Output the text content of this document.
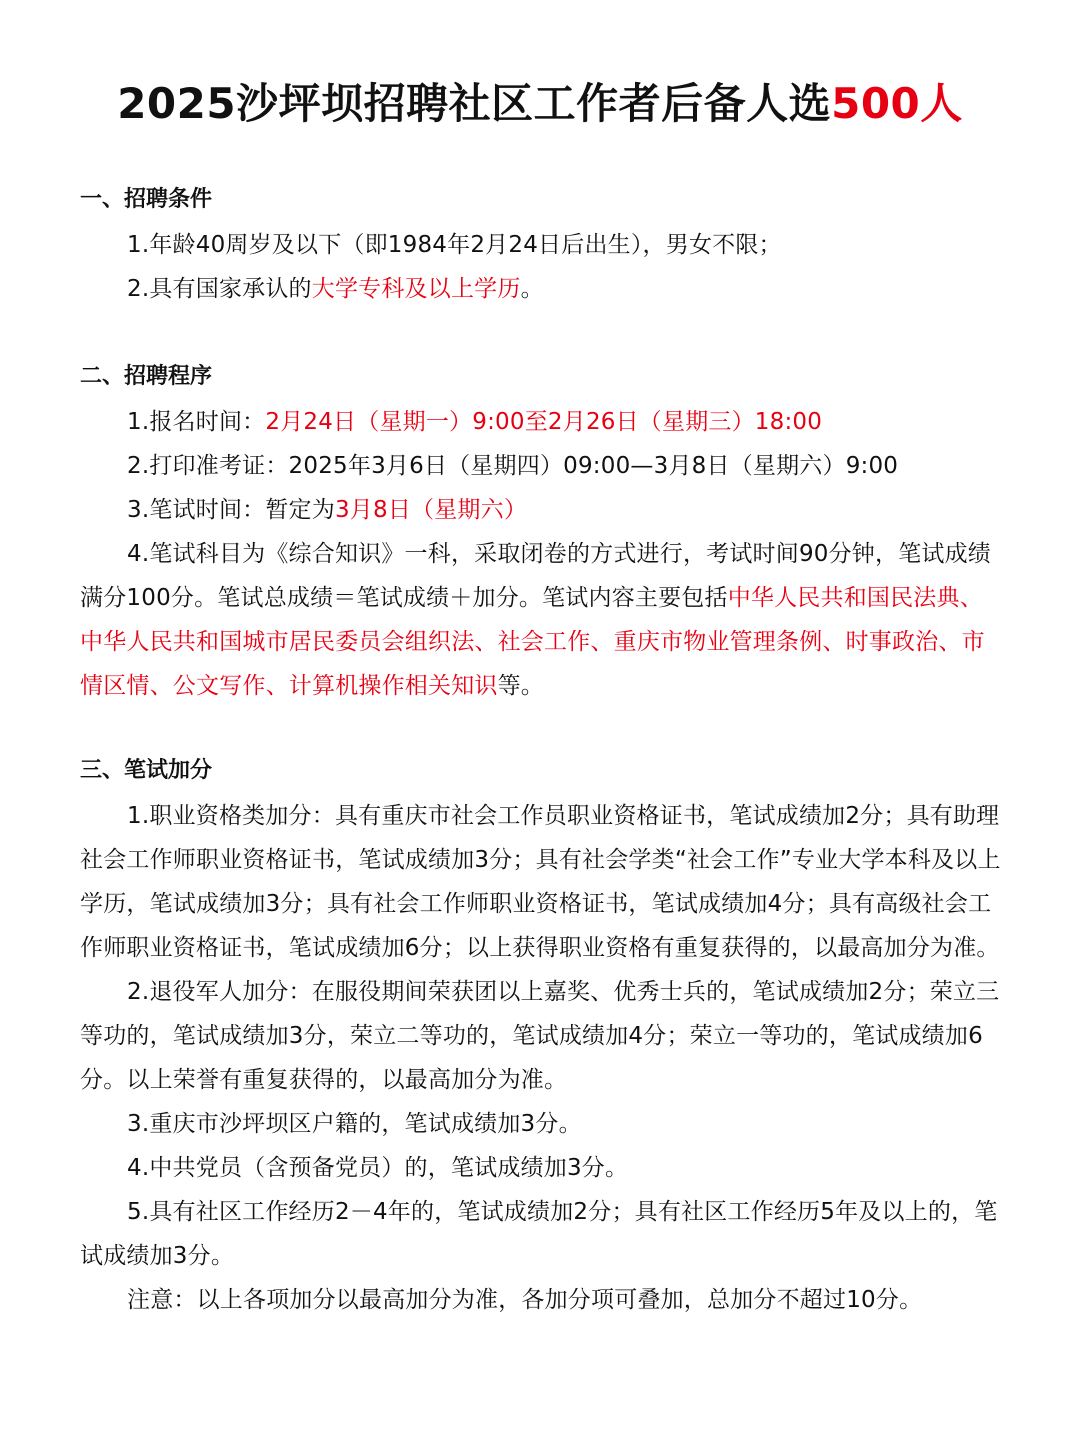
2025沙坪坝招聘社区工作者后备人选500人
一、招聘条件

1.年龄40周岁及以下（即1984年2月24日后出生），男女不限；

2.具有国家承认的大学专科及以上学历。

二、招聘程序

1.报名时间：2月24日（星期一）9:00至2月26日（星期三）18:00

2.打印准考证：2025年3月6日（星期四）09:00—3月8日（星期六）9:00

3.笔试时间：暂定为3月8日（星期六）

4.笔试科目为《综合知识》一科，采取闭卷的方式进行，考试时间90分钟，笔试成绩满分100分。笔试总成绩＝笔试成绩＋加分。笔试内容主要包括中华人民共和国民法典、中华人民共和国城市居民委员会组织法、社会工作、重庆市物业管理条例、时事政治、市情区情、公文写作、计算机操作相关知识等。

三、笔试加分

1.职业资格类加分：具有重庆市社会工作员职业资格证书，笔试成绩加2分；具有助理社会工作师职业资格证书，笔试成绩加3分；具有社会学类“社会工作”专业大学本科及以上学历，笔试成绩加3分；具有社会工作师职业资格证书，笔试成绩加4分；具有高级社会工作师职业资格证书，笔试成绩加6分；以上获得职业资格有重复获得的，以最高加分为准。

2.退役军人加分：在服役期间荣获团以上嘉奖、优秀士兵的，笔试成绩加2分；荣立三等功的，笔试成绩加3分，荣立二等功的，笔试成绩加4分；荣立一等功的，笔试成绩加6分。以上荣誉有重复获得的，以最高加分为准。

3.重庆市沙坪坝区户籍的，笔试成绩加3分。

4.中共党员（含预备党员）的，笔试成绩加3分。

5.具有社区工作经历2－4年的，笔试成绩加2分；具有社区工作经历5年及以上的，笔试成绩加3分。

注意：以上各项加分以最高加分为准，各加分项可叠加，总加分不超过10分。
